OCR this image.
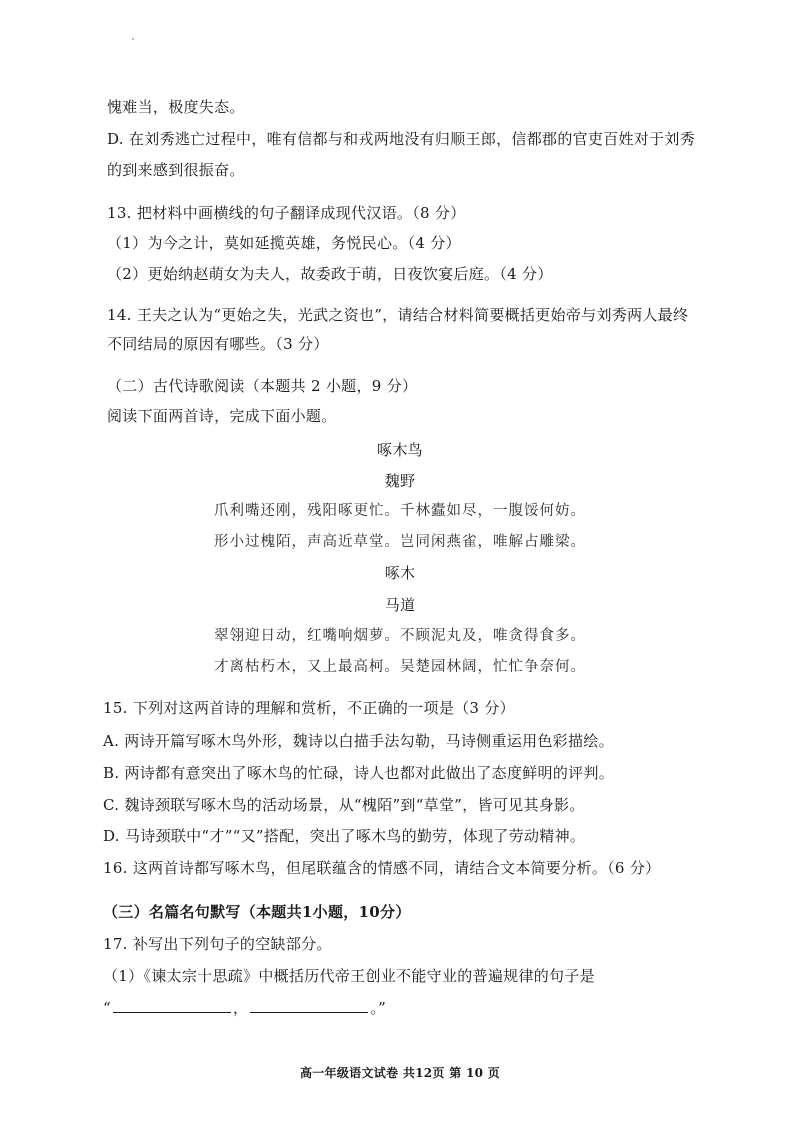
愧难当，极度失态。
D. 在刘秀逃亡过程中，唯有信都与和戎两地没有归顺王郎，信都郡的官吏百姓对于刘秀
的到来感到很振奋。
13. 把材料中画横线的句子翻译成现代汉语。（8 分）
（1）为今之计，莫如延揽英雄，务悦民心。（4 分）
（2）更始纳赵萌女为夫人，故委政于萌，日夜饮宴后庭。（4 分）
14. 王夫之认为“更始之失，光武之资也”，请结合材料简要概括更始帝与刘秀两人最终
不同结局的原因有哪些。（3 分）
（二）古代诗歌阅读（本题共 2 小题，9 分）
阅读下面两首诗，完成下面小题。
啄木鸟
魏野
爪利嘴还刚，残阳啄更忙。千林蠹如尽，一腹馁何妨。
形小过槐陌，声高近草堂。岂同闲燕雀，唯解占雕梁。
啄木
马道
翠翎迎日动，红嘴响烟萝。不顾泥丸及，唯贪得食多。
才离枯朽木，又上最高柯。吴楚园林阔，忙忙争奈何。
15. 下列对这两首诗的理解和赏析，不正确的一项是（3 分）
A. 两诗开篇写啄木鸟外形，魏诗以白描手法勾勒，马诗侧重运用色彩描绘。
B. 两诗都有意突出了啄木鸟的忙碌，诗人也都对此做出了态度鲜明的评判。
C. 魏诗颈联写啄木鸟的活动场景，从“槐陌”到“草堂”，皆可见其身影。
D. 马诗颈联中“才”“又”搭配，突出了啄木鸟的勤劳，体现了劳动精神。
16. 这两首诗都写啄木鸟，但尾联蕴含的情感不同，请结合文本简要分析。（6 分）
（三）名篇名句默写（本题共1小题，10分）
17. 补写出下列句子的空缺部分。
（1）《谏太宗十思疏》中概括历代帝王创业不能守业的普遍规律的句子是
“	，	。”
高一年级语文试卷 共12页 第 10 页
